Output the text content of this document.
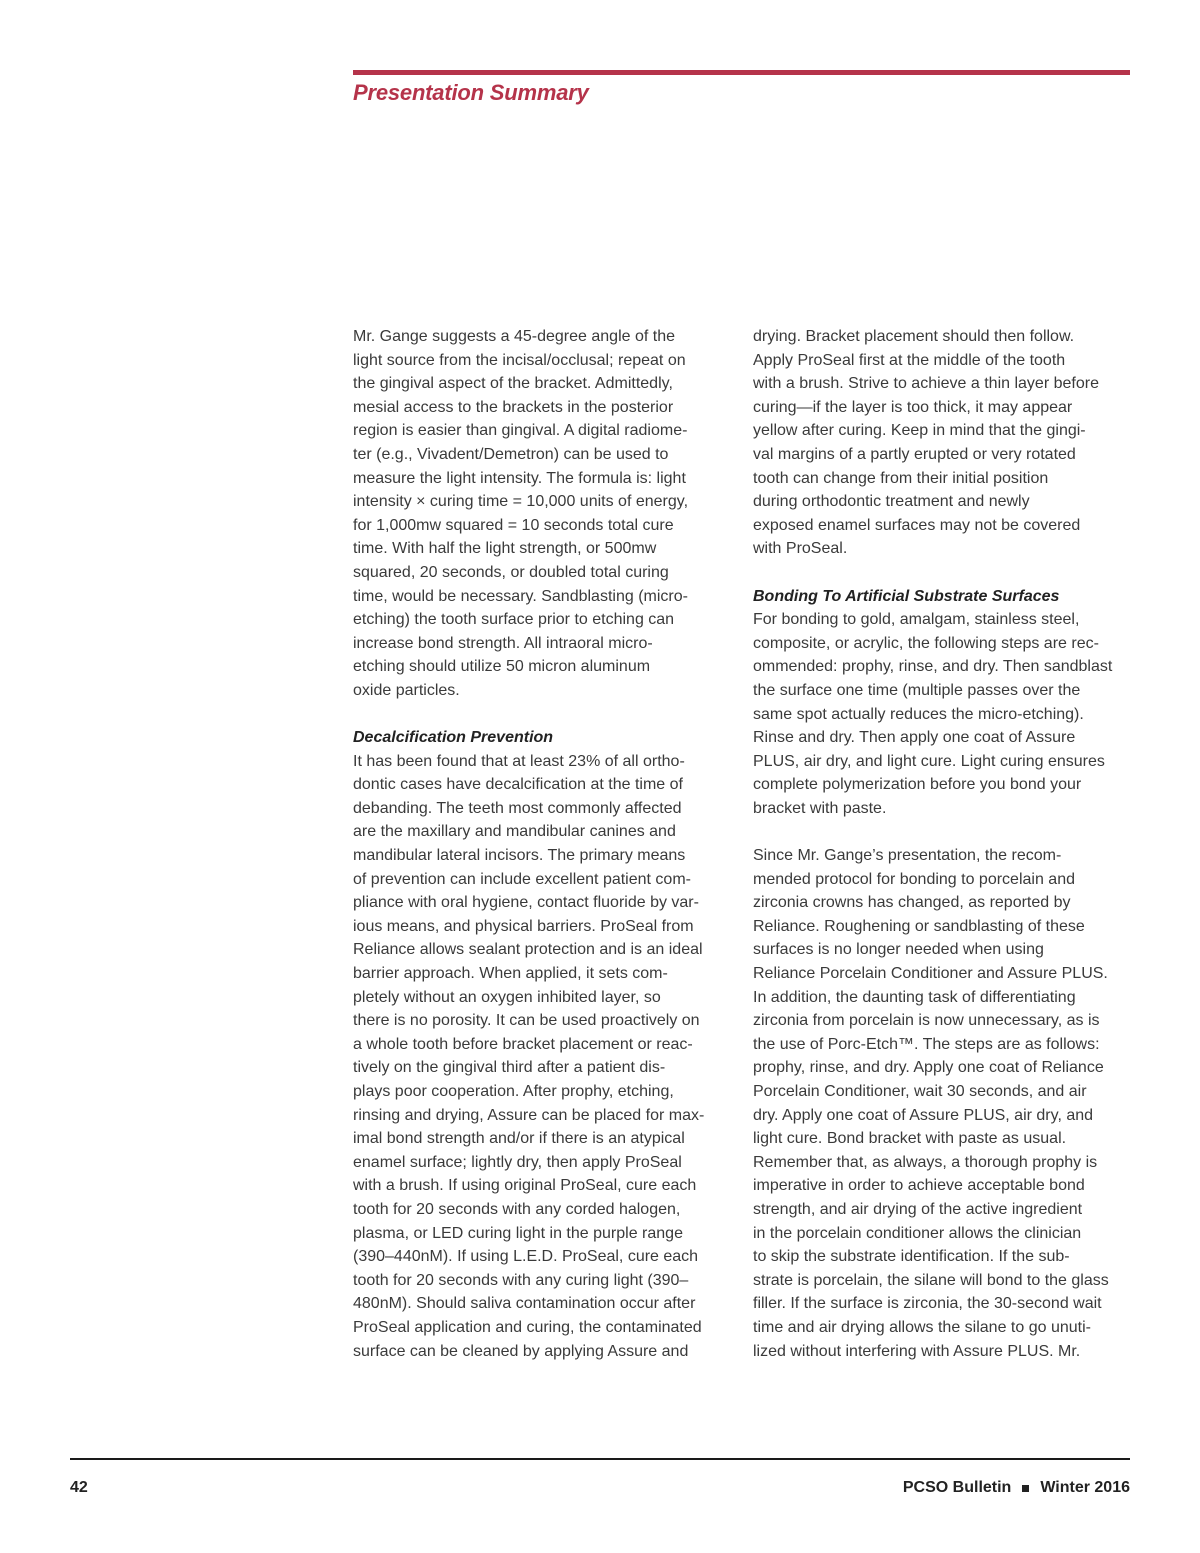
Presentation Summary

Mr. Gange suggests a 45-degree angle of the
light source from the incisal/occlusal; repeat on
the gingival aspect of the bracket. Admittedly,
mesial access to the brackets in the posterior
region is easier than gingival. A digital radiome-
ter (e.g., Vivadent/Demetron) can be used to
measure the light intensity. The formula is: light
intensity × curing time = 10,000 units of energy,
for 1,000mw squared = 10 seconds total cure
time. With half the light strength, or 500mw
squared, 20 seconds, or doubled total curing
time, would be necessary. Sandblasting (micro-
etching) the tooth surface prior to etching can
increase bond strength. All intraoral micro-
etching should utilize 50 micron aluminum
oxide particles.

Decalcification Prevention

It has been found that at least 23% of all ortho-
dontic cases have decalcification at the time of
debanding. The teeth most commonly affected
are the maxillary and mandibular canines and
mandibular lateral incisors. The primary means
of prevention can include excellent patient com-
pliance with oral hygiene, contact fluoride by var-
ious means, and physical barriers. ProSeal from
Reliance allows sealant protection and is an ideal
barrier approach. When applied, it sets com-
pletely without an oxygen inhibited layer, so
there is no porosity. It can be used proactively on
a whole tooth before bracket placement or reac-
tively on the gingival third after a patient dis-
plays poor cooperation. After prophy, etching,
rinsing and drying, Assure can be placed for max-
imal bond strength and/or if there is an atypical
enamel surface; lightly dry, then apply ProSeal
with a brush. If using original ProSeal, cure each
tooth for 20 seconds with any corded halogen,
plasma, or LED curing light in the purple range
(390–440nM). If using L.E.D. ProSeal, cure each
tooth for 20 seconds with any curing light (390–
480nM). Should saliva contamination occur after
ProSeal application and curing, the contaminated
surface can be cleaned by applying Assure and

drying. Bracket placement should then follow.
Apply ProSeal first at the middle of the tooth
with a brush. Strive to achieve a thin layer before
curing—if the layer is too thick, it may appear
yellow after curing. Keep in mind that the gingi-
val margins of a partly erupted or very rotated
tooth can change from their initial position
during orthodontic treatment and newly
exposed enamel surfaces may not be covered
with ProSeal.

Bonding To Artificial Substrate Surfaces

For bonding to gold, amalgam, stainless steel,
composite, or acrylic, the following steps are rec-
ommended: prophy, rinse, and dry. Then sandblast
the surface one time (multiple passes over the
same spot actually reduces the micro-etching).
Rinse and dry. Then apply one coat of Assure
PLUS, air dry, and light cure. Light curing ensures
complete polymerization before you bond your
bracket with paste.

Since Mr. Gange’s presentation, the recom-
mended protocol for bonding to porcelain and
zirconia crowns has changed, as reported by
Reliance. Roughening or sandblasting of these
surfaces is no longer needed when using
Reliance Porcelain Conditioner and Assure PLUS.
In addition, the daunting task of differentiating
zirconia from porcelain is now unnecessary, as is
the use of Porc-Etch™. The steps are as follows:
prophy, rinse, and dry. Apply one coat of Reliance
Porcelain Conditioner, wait 30 seconds, and air
dry. Apply one coat of Assure PLUS, air dry, and
light cure. Bond bracket with paste as usual.
Remember that, as always, a thorough prophy is
imperative in order to achieve acceptable bond
strength, and air drying of the active ingredient
in the porcelain conditioner allows the clinician
to skip the substrate identification. If the sub-
strate is porcelain, the silane will bond to the glass
filler. If the surface is zirconia, the 30-second wait
time and air drying allows the silane to go unuti-
lized without interfering with Assure PLUS. Mr.

42	PCSO Bulletin Winter 2016
